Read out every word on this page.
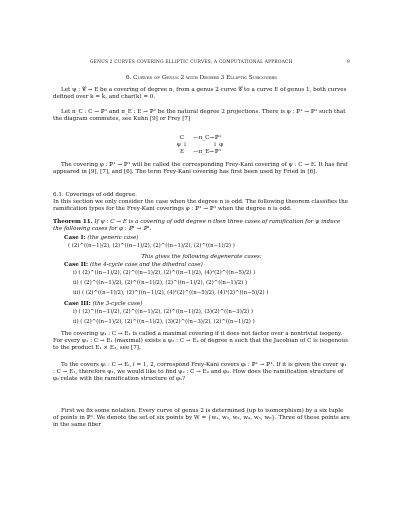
GENUS 2 CURVES COVERING ELLIPTIC CURVES, A COMPUTATIONAL APPROACH	9
6. Curves of Genus 2 with Degree 3 Elliptic Subcovers
Let ψ : 𝒞 → E be a covering of degree n, from a genus 2 curve 𝒞 to a curve E of genus 1, both curves defined over k = k̄, and char(k) = 0.
Let π_C : C → ℙ¹ and π_E : E → ℙ¹ be the natural degree 2 projections. There is φ : ℙ¹ → ℙ¹ such that the diagram commutes, see Kuhn [9] or Frey [7]
C	—π_C→ ℙ¹
ψ ↓	↓ φ
E	—π_E→ ℙ¹
The covering φ : ℙ¹ → ℙ¹ will be called the corresponding Frey-Kani covering of ψ : C → E. It has first appeared in [9], [7], and [6]. The term Frey-Kani covering has first been used by Fried in [6].
6.1. Coverings of odd degree.
In this section we only consider the case when the degree n is odd. The following theorem classifies the ramification types for the Frey-Kani coverings φ : ℙ¹ → ℙ¹ when the degree n is odd.
Theorem 11. If ψ : C → E is a covering of odd degree n then three cases of ramification for ψ induce the following cases for φ : ℙ¹ → ℙ¹.
Case I: (the generic case)
( (2)^((n−1)/2), (2)^((n−1)/2), (2)^((n−1)/2), (2)^((n−1)/2) )
This gives the following degenerate cases:
Case II: (the 4-cycle case and the dihedral case)
i) ( (2)^((n−1)/2), (2)^((n−1)/2), (2)^((n−1)/2), (4)¹(2)^((n−5)/2) )
ii) ( (2)^((n−1)/2), (2)^((n−1)/2), (2)^((n−1)/2), (2)^((n−1)/2) )
iii) ( (2)^((n−1)/2), (2)^((n−1)/2), (4)¹(2)^((n−5)/2), (4)¹(2)^((n−5)/2) )
Case III: (the 3-cycle case)
i) ( (2)^((n−1)/2), (2)^((n−1)/2), (2)^((n−1)/2), (3)(2)^((n−3)/2) )
ii) ( (2)^((n−1)/2), (2)^((n−1)/2), (3)(2)^((n−3)/2), (2)^((n−1)/2) )
The covering ψ₁ : C → E₁ is called a maximal covering if it does not factor over a nontrivial isogeny. For every ψ₁ : C → E₁ (maximal) exists a ψ₂ : C → E₂ of degree n such that the Jacobian of C is isogenous to the product E₁ × E₂, see [7].
To the covers ψᵢ : C → Eᵢ, i = 1, 2, correspond Frey-Kani covers φᵢ : ℙ¹ → ℙ¹. If it is given the cover ψ₁ : C → E₁, therefore φ₁, we would like to find ψ₂ : C → E₂ and φ₂. How does the ramification structure of φ₂ relate with the ramification structure of φ₁?
First we fix some notation. Every curve of genus 2 is determined (up to isomorphism) by a six tuple of points in ℙ¹. We denote the set of six points by W = {w₁, w₂, w₃, w₄, w₅, w₆}. Three of these points are in the same fiber
